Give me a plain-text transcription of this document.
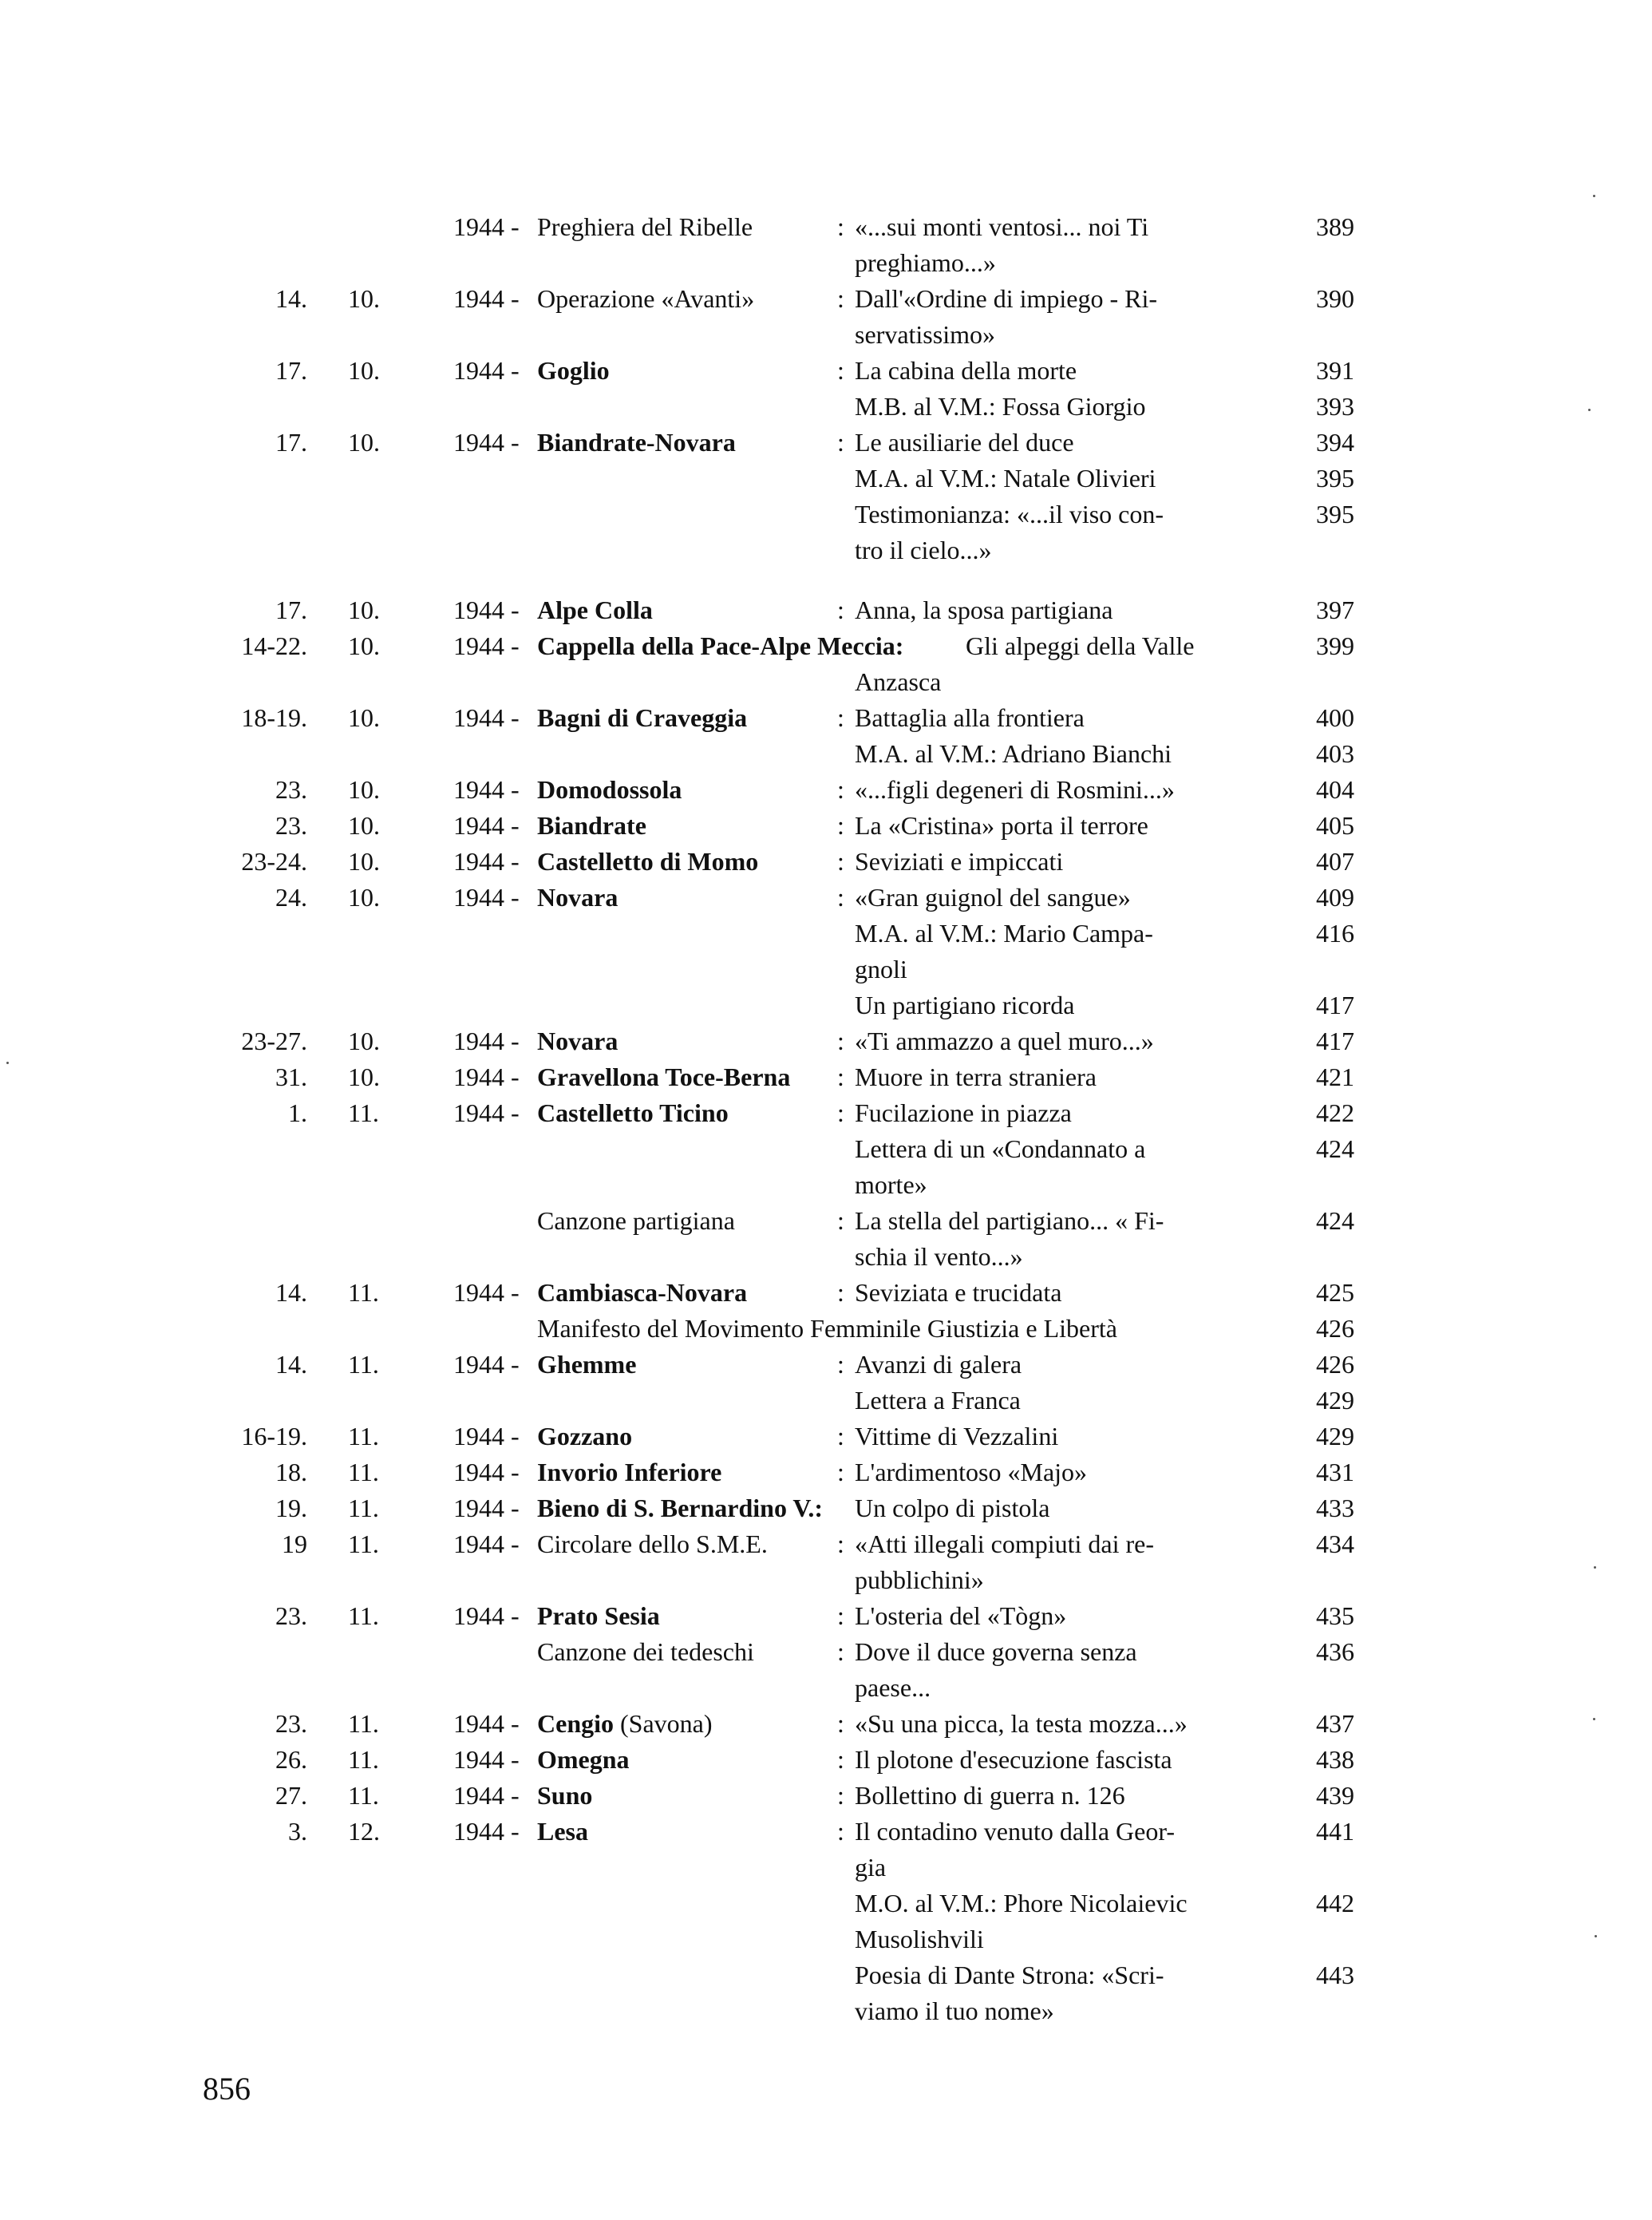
1944 - Preghiera del Ribelle	: «...sui monti ventosi... noi Ti	389
preghiamo...»
14. 10.	1944 - Operazione «Avanti»	: Dall'«Ordine di impiego - Ri-	390
servatissimo»
17. 10.	1944 - Goglio	: La cabina della morte	391
M.B. al V.M.: Fossa Giorgio	393
17. 10.	1944 - Biandrate-Novara	: Le ausiliarie del duce	394
M.A. al V.M.: Natale Olivieri	395
Testimonianza: «...il viso con-	395
tro il cielo...»
17. 10.	1944 - Alpe Colla	: Anna, la sposa partigiana	397
14-22. 10.	1944 - Cappella della Pace-Alpe Meccia: Gli alpeggi della Valle	399
Anzasca
18-19. 10.	1944 - Bagni di Craveggia	: Battaglia alla frontiera	400
M.A. al V.M.: Adriano Bianchi	403
23. 10.	1944 - Domodossola	: «...figli degeneri di Rosmini...»	404
23. 10.	1944 - Biandrate	: La «Cristina» porta il terrore	405
23-24. 10.	1944 - Castelletto di Momo	: Seviziati e impiccati	407
24. 10.	1944 - Novara	: «Gran guignol del sangue»	409
M.A. al V.M.: Mario Campa-	416
gnoli
Un partigiano ricorda	417
23-27. 10.	1944 - Novara	: «Ti ammazzo a quel muro...»	417
31. 10.	1944 - Gravellona Toce-Berna : Muore in terra straniera	421
1. 11.	1944 - Castelletto Ticino	: Fucilazione in piazza	422
Lettera di un «Condannato a	424
morte»
Canzone partigiana	: La stella del partigiano... « Fi-	424
schia il vento...»
14. 11.	1944 - Cambiasca-Novara	: Seviziata e trucidata	425
Manifesto del Movimento Femminile Giustizia e Libertà	426
14. 11.	1944 - Ghemme	: Avanzi di galera	426
Lettera a Franca	429
16-19. 11.	1944 - Gozzano	: Vittime di Vezzalini	429
18. 11.	1944 - Invorio Inferiore	: L'ardimentoso «Majo»	431
19. 11.	1944 - Bieno di S. Bernardino V.: Un colpo di pistola	433
19 11.	1944 - Circolare dello S.M.E.	: «Atti illegali compiuti dai re-	434
pubblichini»
23. 11.	1944 - Prato Sesia	: L'osteria del «Tògn»	435
Canzone dei tedeschi	: Dove il duce governa senza	436
paese...
23. 11.	1944 - Cengio (Savona)	: «Su una picca, la testa mozza...»	437
26. 11.	1944 - Omegna	: Il plotone d'esecuzione fascista	438
27. 11.	1944 - Suno	: Bollettino di guerra n. 126	439
3. 12.	1944 - Lesa	: Il contadino venuto dalla Geor-	441
gia
M.O. al V.M.: Phore Nicolaievic	442
Musolishvili
Poesia di Dante Strona: «Scri-	443
viamo il tuo nome»
856
